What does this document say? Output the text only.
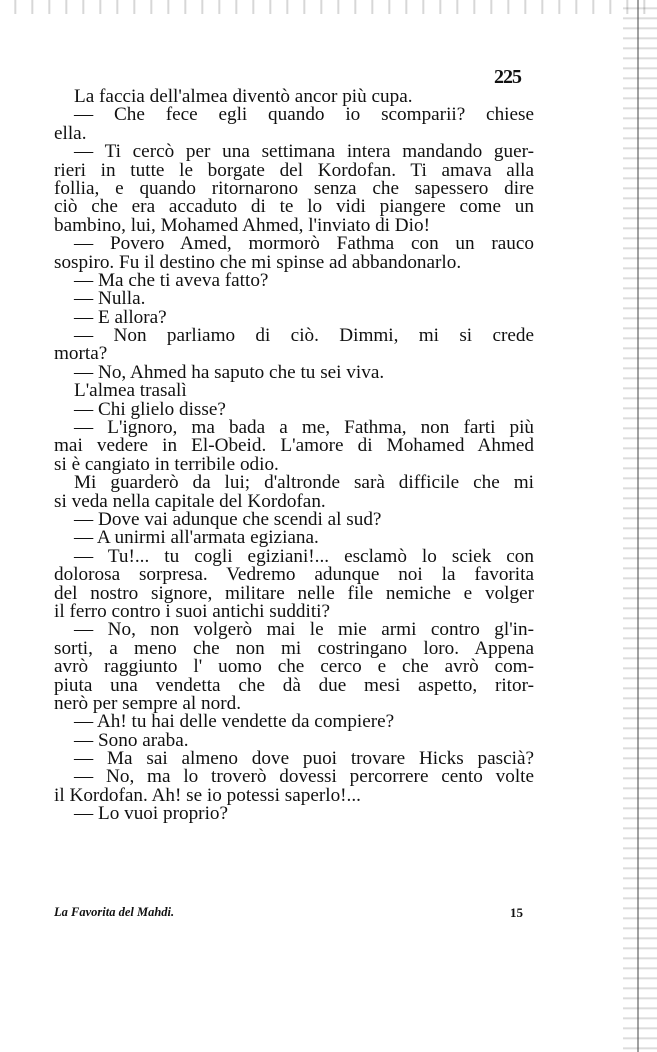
225
La faccia dell'almea diventò ancor più cupa.
— Che fece egli quando io scomparii? chiese
ella.
— Ti cercò per una settimana intera mandando guer-
rieri in tutte le borgate del Kordofan. Ti amava alla
follia, e quando ritornarono senza che sapessero dire
ciò che era accaduto di te lo vidi piangere come un
bambino, lui, Mohamed Ahmed, l'inviato di Dio!
— Povero Amed, mormorò Fathma con un rauco
sospiro. Fu il destino che mi spinse ad abbandonarlo.
— Ma che ti aveva fatto?
— Nulla.
— E allora?
— Non parliamo di ciò. Dimmi, mi si crede
morta?
— No, Ahmed ha saputo che tu sei viva.
L'almea trasalì
— Chi glielo disse?
— L'ignoro, ma bada a me, Fathma, non farti più
mai vedere in El-Obeid. L'amore di Mohamed Ahmed
si è cangiato in terribile odio.
Mi guarderò da lui; d'altronde sarà difficile che mi
si veda nella capitale del Kordofan.
— Dove vai adunque che scendi al sud?
— A unirmi all'armata egiziana.
— Tu!... tu cogli egiziani!... esclamò lo sciek con
dolorosa sorpresa. Vedremo adunque noi la favorita
del nostro signore, militare nelle file nemiche e volger
il ferro contro i suoi antichi sudditi?
— No, non volgerò mai le mie armi contro gl'in-
sorti, a meno che non mi costringano loro. Appena
avrò raggiunto l' uomo che cerco e che avrò com-
piuta una vendetta che dà due mesi aspetto, ritor-
nerò per sempre al nord.
— Ah! tu hai delle vendette da compiere?
— Sono araba.
— Ma sai almeno dove puoi trovare Hicks pascià?
— No, ma lo troverò dovessi percorrere cento volte
il Kordofan. Ah! se io potessi saperlo!...
— Lo vuoi proprio?
La Favorita del Mahdi.	15
